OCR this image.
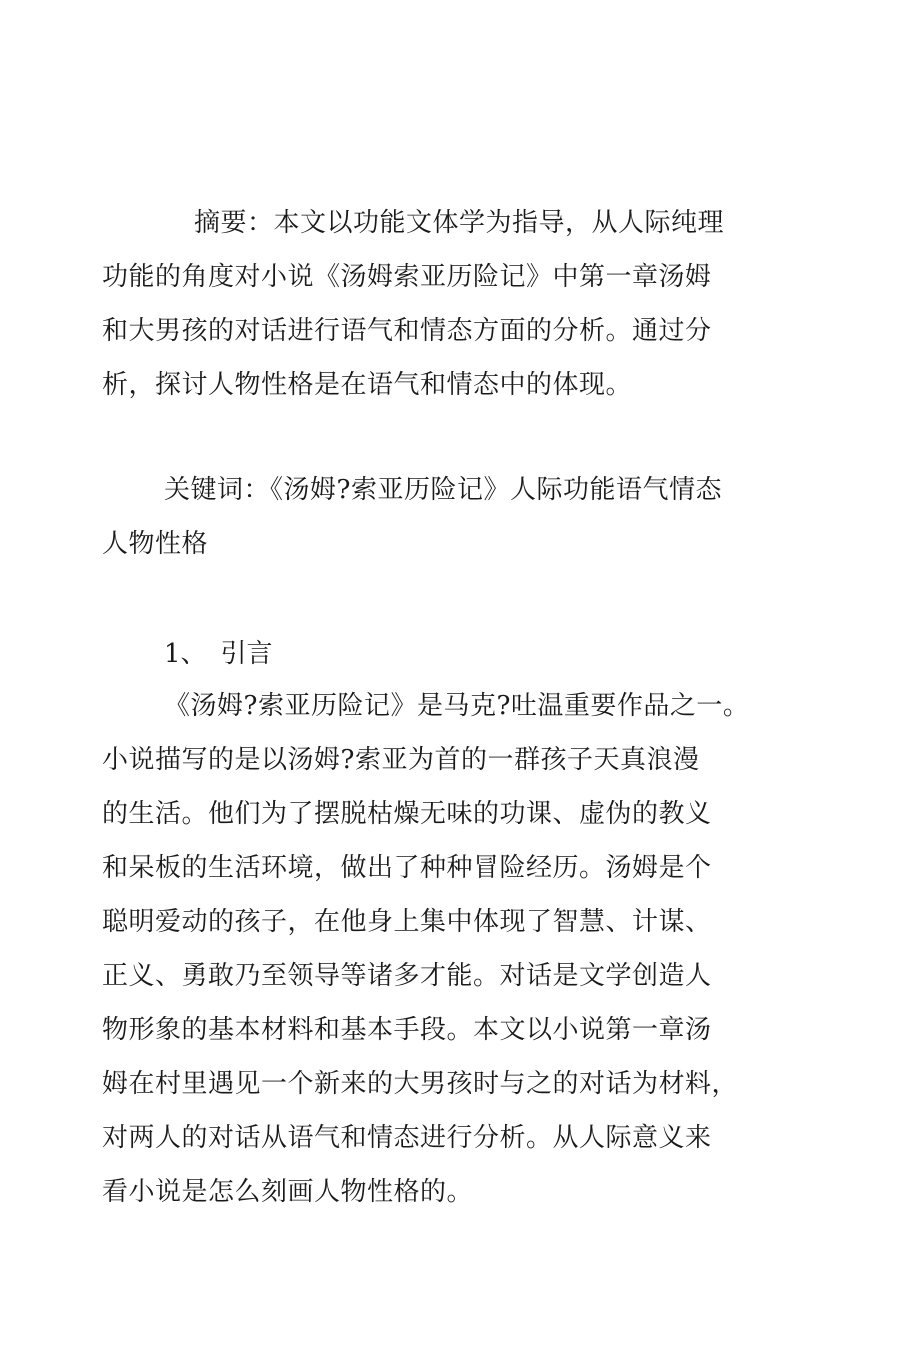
摘要：本文以功能文体学为指导，从人际纯理
功能的角度对小说《汤姆索亚历险记》中第一章汤姆
和大男孩的对话进行语气和情态方面的分析。通过分
析，探讨人物性格是在语气和情态中的体现。
关键词：《汤姆?索亚历险记》人际功能语气情态
人物性格
1、 引言
《汤姆?索亚历险记》是马克?吐温重要作品之一。
小说描写的是以汤姆?索亚为首的一群孩子天真浪漫
的生活。他们为了摆脱枯燥无味的功课、虚伪的教义
和呆板的生活环境，做出了种种冒险经历。汤姆是个
聪明爱动的孩子，在他身上集中体现了智慧、计谋、
正义、勇敢乃至领导等诸多才能。对话是文学创造人
物形象的基本材料和基本手段。本文以小说第一章汤
姆在村里遇见一个新来的大男孩时与之的对话为材料，
对两人的对话从语气和情态进行分析。从人际意义来
看小说是怎么刻画人物性格的。
